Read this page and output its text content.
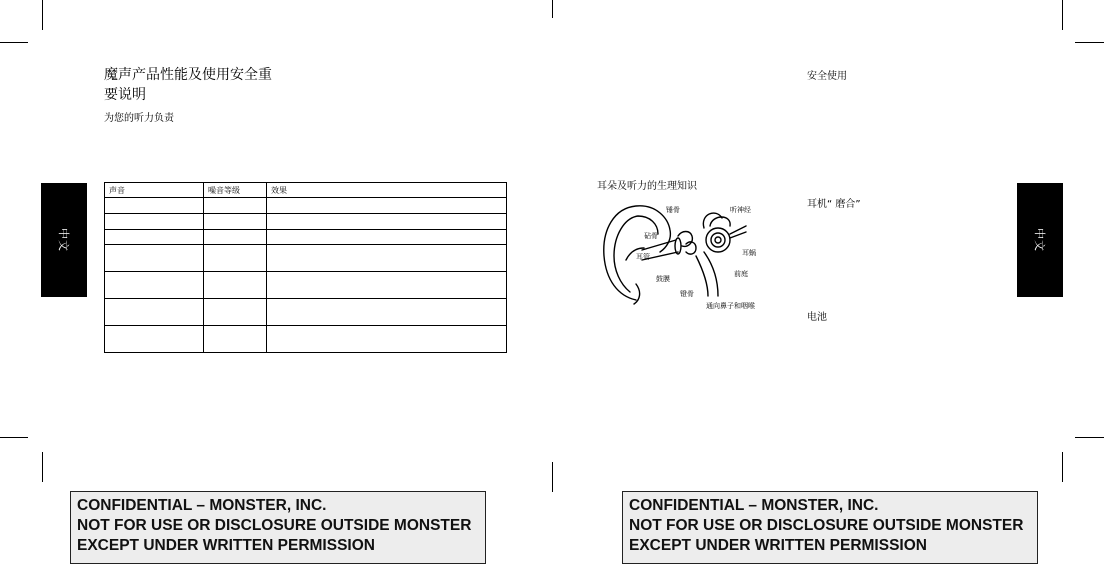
中文	中文
魔声产品性能及使用安全重
要说明
为您的听力负责
声音	噪音等级	效果

安全使用
耳朵及听力的生理知识
耳机“ 磨合”
电池
锤骨	听神经
砧骨
耳蜗
耳管
前庭
鼓膜
镫骨
通向鼻子和咽喉
CONFIDENTIAL – MONSTER, INC.
NOT FOR USE OR DISCLOSURE OUTSIDE MONSTER
EXCEPT UNDER WRITTEN PERMISSION
CONFIDENTIAL – MONSTER, INC.
NOT FOR USE OR DISCLOSURE OUTSIDE MONSTER
EXCEPT UNDER WRITTEN PERMISSION
